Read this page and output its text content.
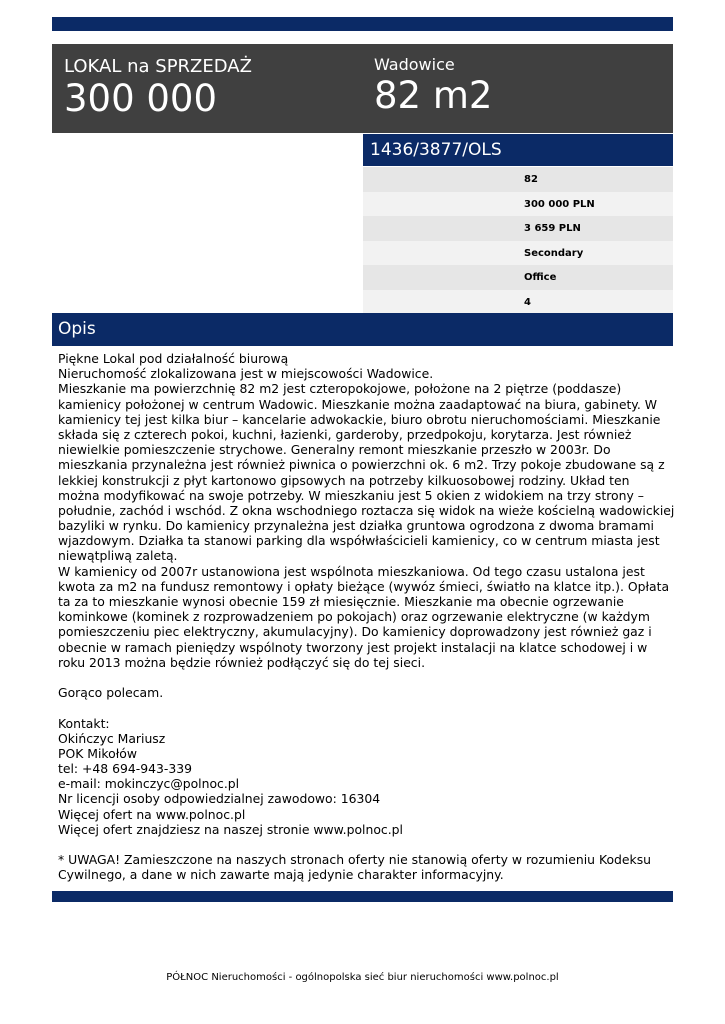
LOKAL na SPRZEDAŻ
300 000
Wadowice
82 m2
1436/3877/OLS
82
300 000 PLN
3 659 PLN
Secondary
Office
4
Opis
Piękne Lokal pod działalność biurową
Nieruchomość zlokalizowana jest w miejscowości Wadowice.
Mieszkanie ma powierzchnię 82 m2 jest czteropokojowe, położone na 2 piętrze (poddasze)
kamienicy położonej w centrum Wadowic. Mieszkanie można zaadaptować na biura, gabinety. W
kamienicy tej jest kilka biur – kancelarie adwokackie, biuro obrotu nieruchomościami. Mieszkanie
składa się z czterech pokoi, kuchni, łazienki, garderoby, przedpokoju, korytarza. Jest również
niewielkie pomieszczenie strychowe. Generalny remont mieszkanie przeszło w 2003r. Do
mieszkania przynależna jest również piwnica o powierzchni ok. 6 m2. Trzy pokoje zbudowane są z
lekkiej konstrukcji z płyt kartonowo gipsowych na potrzeby kilkuosobowej rodziny. Układ ten
można modyfikować na swoje potrzeby. W mieszkaniu jest 5 okien z widokiem na trzy strony –
południe, zachód i wschód. Z okna wschodniego roztacza się widok na wieże kościelną wadowickiej
bazyliki w rynku. Do kamienicy przynależna jest działka gruntowa ogrodzona z dwoma bramami
wjazdowym. Działka ta stanowi parking dla współwłaścicieli kamienicy, co w centrum miasta jest
niewątpliwą zaletą.
W kamienicy od 2007r ustanowiona jest wspólnota mieszkaniowa. Od tego czasu ustalona jest
kwota za m2 na fundusz remontowy i opłaty bieżące (wywóz śmieci, światło na klatce itp.). Opłata
ta za to mieszkanie wynosi obecnie 159 zł miesięcznie. Mieszkanie ma obecnie ogrzewanie
kominkowe (kominek z rozprowadzeniem po pokojach) oraz ogrzewanie elektryczne (w każdym
pomieszczeniu piec elektryczny, akumulacyjny). Do kamienicy doprowadzony jest również gaz i
obecnie w ramach pieniędzy wspólnoty tworzony jest projekt instalacji na klatce schodowej i w
roku 2013 można będzie również podłączyć się do tej sieci.
Gorąco polecam.
Kontakt:
Okińczyc Mariusz
POK Mikołów
tel: +48 694-943-339
e-mail: mokinczyc@polnoc.pl
Nr licencji osoby odpowiedzialnej zawodowo: 16304
Więcej ofert na www.polnoc.pl
Więcej ofert znajdziesz na naszej stronie www.polnoc.pl
* UWAGA! Zamieszczone na naszych stronach oferty nie stanowią oferty w rozumieniu Kodeksu
Cywilnego, a dane w nich zawarte mają jedynie charakter informacyjny.
PÓŁNOC Nieruchomości - ogólnopolska sieć biur nieruchomości www.polnoc.pl
